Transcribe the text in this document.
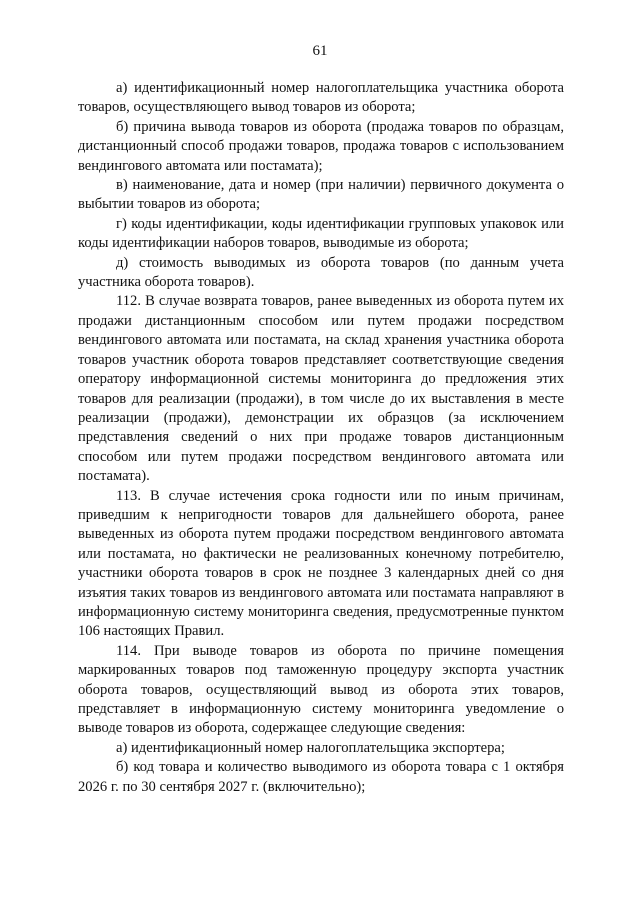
61

а) идентификационный номер налогоплательщика участника оборота товаров, осуществляющего вывод товаров из оборота;

б) причина вывода товаров из оборота (продажа товаров по образцам, дистанционный способ продажи товаров, продажа товаров с использованием вендингового автомата или постамата);

в) наименование, дата и номер (при наличии) первичного документа о выбытии товаров из оборота;

г) коды идентификации, коды идентификации групповых упаковок или коды идентификации наборов товаров, выводимые из оборота;

д) стоимость выводимых из оборота товаров (по данным учета участника оборота товаров).

112. В случае возврата товаров, ранее выведенных из оборота путем их продажи дистанционным способом или путем продажи посредством вендингового автомата или постамата, на склад хранения участника оборота товаров участник оборота товаров представляет соответствующие сведения оператору информационной системы мониторинга до предложения этих товаров для реализации (продажи), в том числе до их выставления в месте реализации (продажи), демонстрации их образцов (за исключением представления сведений о них при продаже товаров дистанционным способом или путем продажи посредством вендингового автомата или постамата).

113. В случае истечения срока годности или по иным причинам, приведшим к непригодности товаров для дальнейшего оборота, ранее выведенных из оборота путем продажи посредством вендингового автомата или постамата, но фактически не реализованных конечному потребителю, участники оборота товаров в срок не позднее 3 календарных дней со дня изъятия таких товаров из вендингового автомата или постамата направляют в информационную систему мониторинга сведения, предусмотренные пунктом 106 настоящих Правил.

114. При выводе товаров из оборота по причине помещения маркированных товаров под таможенную процедуру экспорта участник оборота товаров, осуществляющий вывод из оборота этих товаров, представляет в информационную систему мониторинга уведомление о выводе товаров из оборота, содержащее следующие сведения:

а) идентификационный номер налогоплательщика экспортера;

б) код товара и количество выводимого из оборота товара с 1 октября 2026 г. по 30 сентября 2027 г. (включительно);
